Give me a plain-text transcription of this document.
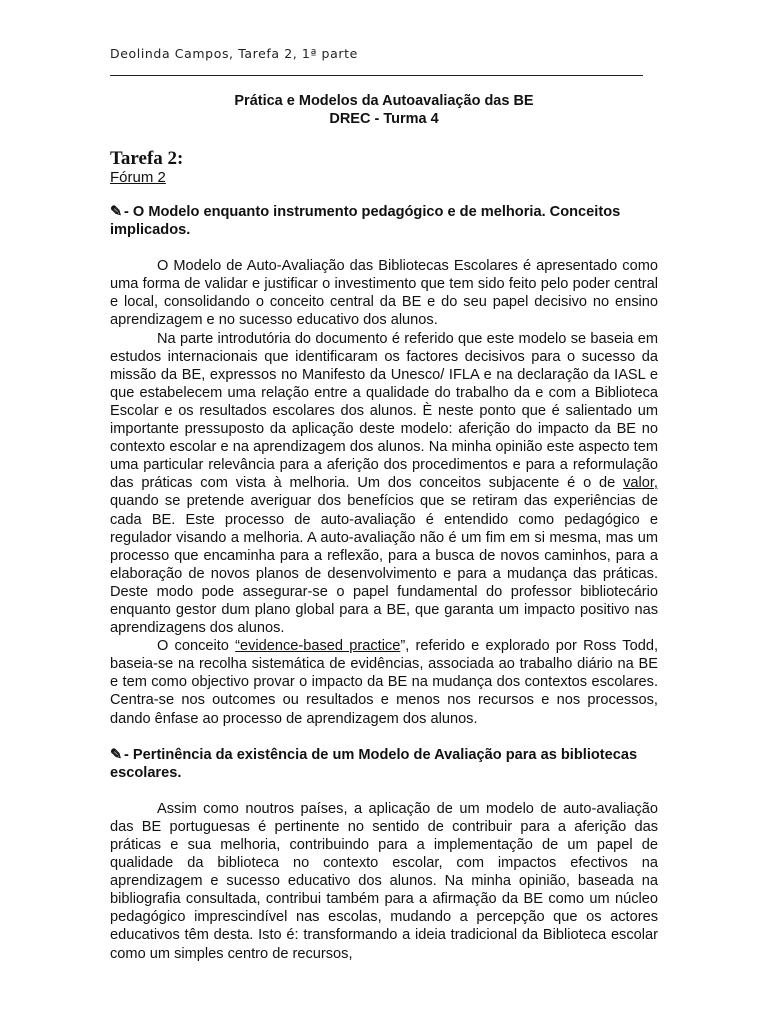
Deolinda Campos, Tarefa 2, 1ª parte
Prática e Modelos da Autoavaliação das BE
DREC - Turma 4
Tarefa 2:
Fórum 2
✎ - O Modelo enquanto instrumento pedagógico e de melhoria. Conceitos implicados.

O Modelo de Auto-Avaliação das Bibliotecas Escolares é apresentado como uma forma de validar e justificar o investimento que tem sido feito pelo poder central e local, consolidando o conceito central da BE e do seu papel decisivo no ensino aprendizagem e no sucesso educativo dos alunos.

Na parte introdutória do documento é referido que este modelo se baseia em estudos internacionais que identificaram os factores decisivos para o sucesso da missão da BE, expressos no Manifesto da Unesco/ IFLA e na declaração da IASL e que estabelecem uma relação entre a qualidade do trabalho da e com a Biblioteca Escolar e os resultados escolares dos alunos. È neste ponto que é salientado um importante pressuposto da aplicação deste modelo: aferição do impacto da BE no contexto escolar e na aprendizagem dos alunos. Na minha opinião este aspecto tem uma particular relevância para a aferição dos procedimentos e para a reformulação das práticas com vista à melhoria. Um dos conceitos subjacente é o de valor, quando se pretende averiguar dos benefícios que se retiram das experiências de cada BE. Este processo de auto-avaliação é entendido como pedagógico e regulador visando a melhoria. A auto-avaliação não é um fim em si mesma, mas um processo que encaminha para a reflexão, para a busca de novos caminhos, para a elaboração de novos planos de desenvolvimento e para a mudança das práticas. Deste modo pode assegurar-se o papel fundamental do professor bibliotecário enquanto gestor dum plano global para a BE, que garanta um impacto positivo nas aprendizagens dos alunos.

O conceito “evidence-based practice”, referido e explorado por Ross Todd, baseia-se na recolha sistemática de evidências, associada ao trabalho diário na BE e tem como objectivo provar o impacto da BE na mudança dos contextos escolares. Centra-se nos outcomes ou resultados e menos nos recursos e nos processos, dando ênfase ao processo de aprendizagem dos alunos.

✎ - Pertinência da existência de um Modelo de Avaliação para as bibliotecas escolares.

Assim como noutros países, a aplicação de um modelo de auto-avaliação das BE portuguesas é pertinente no sentido de contribuir para a aferição das práticas e sua melhoria, contribuindo para a implementação de um papel de qualidade da biblioteca no contexto escolar, com impactos efectivos na aprendizagem e sucesso educativo dos alunos. Na minha opinião, baseada na bibliografia consultada, contribui também para a afirmação da BE como um núcleo pedagógico imprescindível nas escolas, mudando a percepção que os actores educativos têm desta. Isto é: transformando a ideia tradicional da Biblioteca escolar como um simples centro de recursos,
